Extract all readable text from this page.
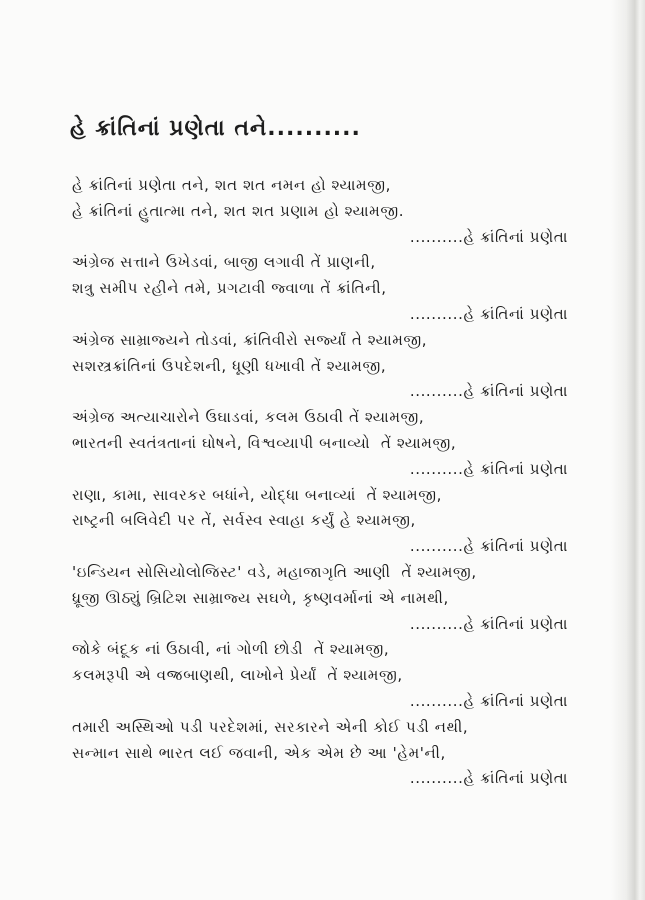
હે ક્રાંતિનાં પ્રણેતા તને..........
હે ક્રાંતિનાં પ્રણેતા તને, શત શત નમન હો શ્યામજી,
હે ક્રાંતિનાં હુતાત્મા તને, શત શત પ્રણામ હો શ્યામજી.
..........હે ક્રાંતિનાં પ્રણેતા
અંગ્રેજ સત્તાને ઉખેડવાં, બાજી લગાવી તેં પ્રાણની,
શત્રુ સમીપ રહીને તમે, પ્રગટાવી જ્વાળા તેં ક્રાંતિની,
..........હે ક્રાંતિનાં પ્રણેતા
અંગ્રેજ સામ્રાજ્યને તોડવાં, ક્રાંતિવીરો સર્જ્યાં તે શ્યામજી,
સશસ્ત્રક્રાંતિનાં ઉપદેશની, ધૂણી ધખાવી તેં શ્યામજી,
..........હે ક્રાંતિનાં પ્રણેતા
અંગ્રેજ અત્યાચારોને ઉઘાડવાં, કલમ ઉઠાવી તેં શ્યામજી,
ભારતની સ્વતંત્રતાનાં ઘોષને, વિશ્વવ્યાપી બનાવ્યો  તેં શ્યામજી,
..........હે ક્રાંતિનાં પ્રણેતા
રાણા, કામા, સાવરકર બધાંને, યોદ્ધા બનાવ્યાં  તેં શ્યામજી,
રાષ્ટ્રની બલિવેદી પર તેં, સર્વસ્વ સ્વાહા કર્યું હે શ્યામજી,
..........હે ક્રાંતિનાં પ્રણેતા
'ઇન્ડિયન સોસિયોલોજિસ્ટ' વડે, મહાજાગૃતિ આણી  તેં શ્યામજી,
ધ્રૂજી ઊઠ્યું બ્રિટિશ સામ્રાજ્ય સઘળે, કૃષ્ણવર્માનાં એ નામથી,
..........હે ક્રાંતિનાં પ્રણેતા
જોકે બંદૂક નાં ઉઠાવી, નાં ગોળી છોડી  તેં શ્યામજી,
કલમરૂપી એ વજ્રબાણથી, લાખોને પ્રેર્યાં  તેં શ્યામજી,
..........હે ક્રાંતિનાં પ્રણેતા
તમારી અસ્થિઓ પડી પરદેશમાં, સરકારને એની કોઈ પડી નથી,
સન્માન સાથે ભારત લઈ જવાની, એક એમ છે આ 'હેમ'ની,
..........હે ક્રાંતિનાં પ્રણેતા
